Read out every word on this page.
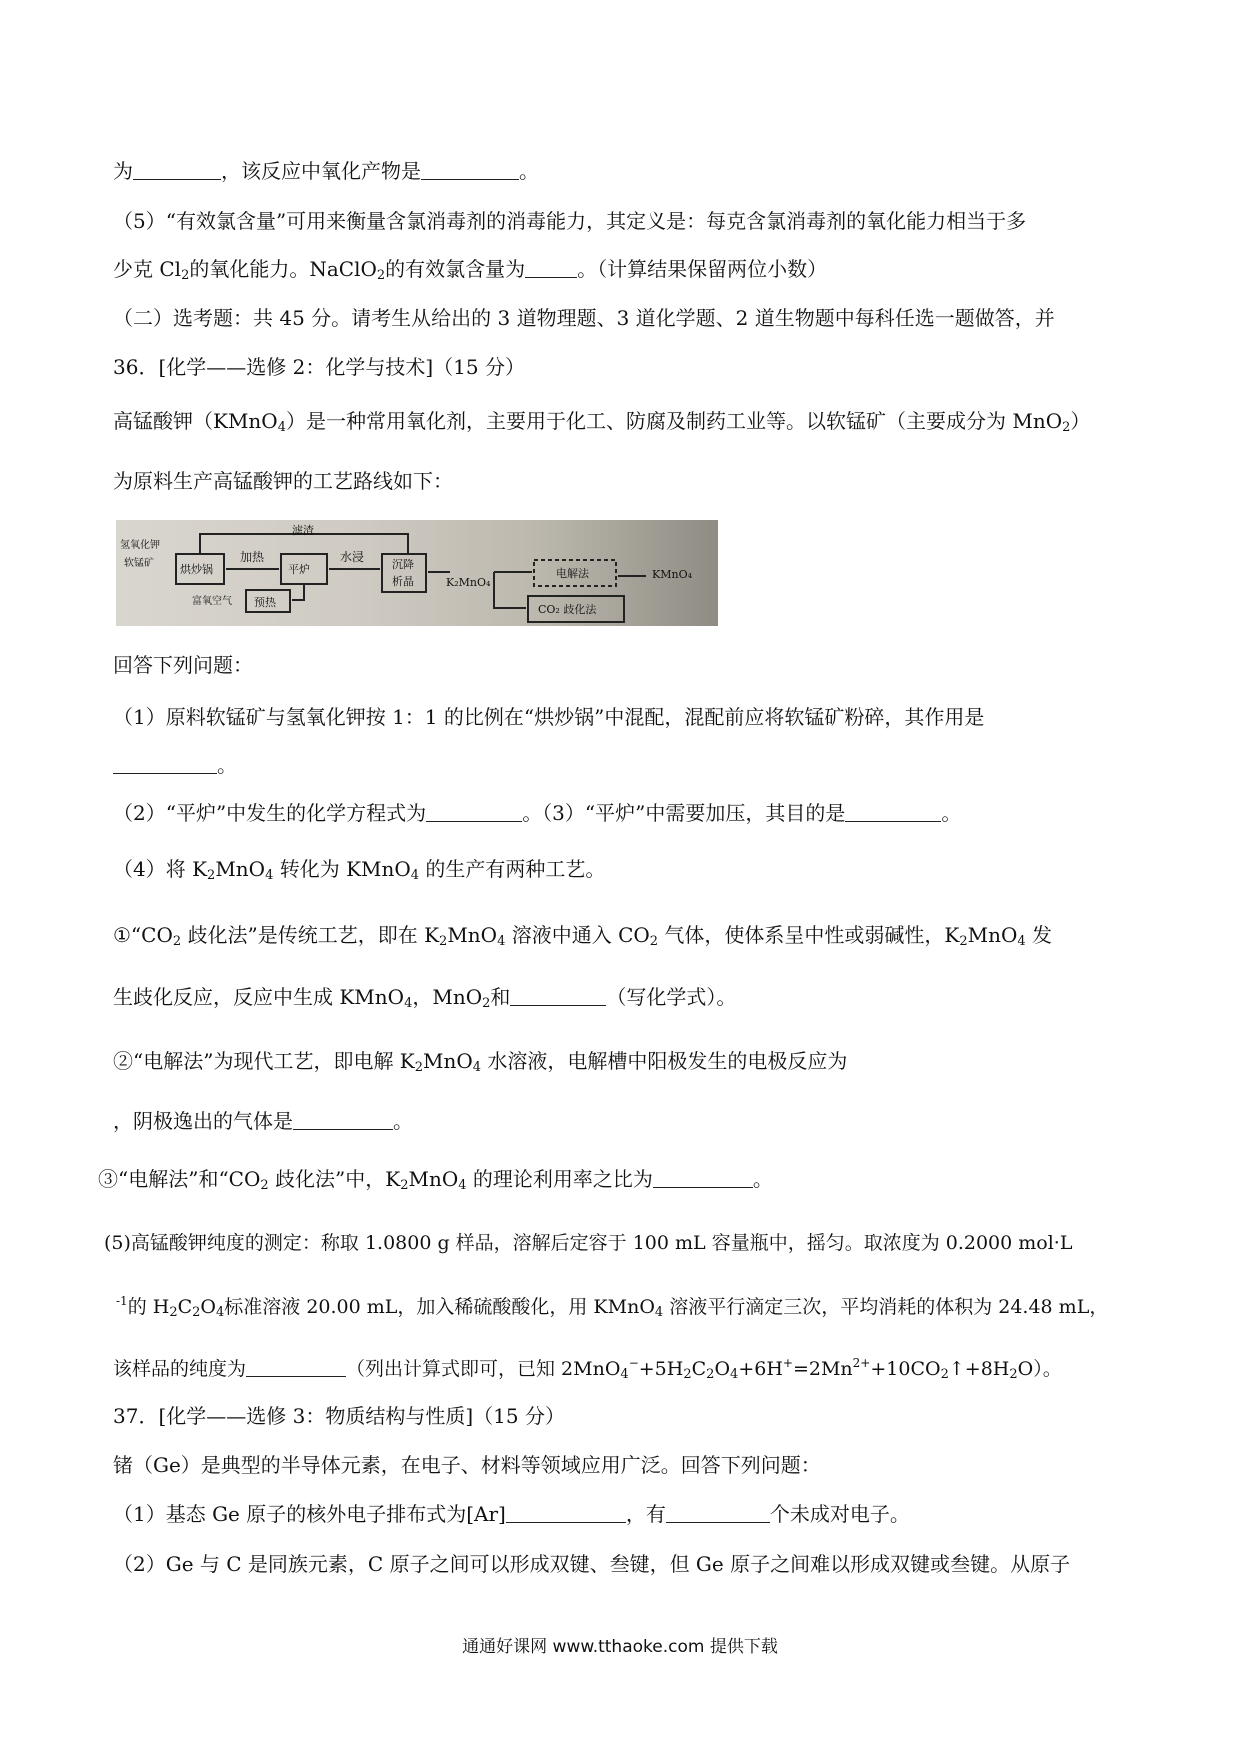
为	，该反应中氧化产物是	。
（5）“有效氯含量”可用来衡量含氯消毒剂的消毒能力，其定义是：每克含氯消毒剂的氧化能力相当于多
少克 $Cl_2$的氧化能力。NaClO$_2$的有效氯含量为	。（计算结果保留两位小数）
（二）选考题：共 45 分。请考生从给出的 3 道物理题、3 道化学题、2 道生物题中每科任选一题做答，并
36．[化学——选修 2：化学与技术]（15 分）
高锰酸钾（KMnO$_4$）是一种常用氧化剂，主要用于化工、防腐及制药工业等。以软锰矿（主要成分为 MnO$_2$）
为原料生产高锰酸钾的工艺路线如下：
氢氧化钾
软锰矿 烘炒锅
加热
平炉
水浸
沉降
析晶
滤渣
K₂MnO₄
富氧空气 预热
电解法
CO₂ 歧化法
KMnO₄
回答下列问题：
（1）原料软锰矿与氢氧化钾按 1：1 的比例在“烘炒锅”中混配，混配前应将软锰矿粉碎，其作用是
。
（2）“平炉”中发生的化学方程式为	。（3）“平炉”中需要加压，其目的是	。
（4）将 $K_2MnO_4$ 转化为 KMnO$_4$ 的生产有两种工艺。
$①“CO_2$ 歧化法”是传统工艺，即在 $K_2MnO_4$ 溶液中通入 $CO_2$ 气体，使体系呈中性或弱碱性，$K_2MnO_4$ 发
生歧化反应，反应中生成 KMnO$_4$，MnO$_2$和	（写化学式）。
②“电解法”为现代工艺，即电解 $K_2MnO_4$ 水溶液，电解槽中阳极发生的电极反应为
，阴极逸出的气体是	。
③“电解法”和“$CO_2$ 歧化法”中，$K_2MnO_4$ 的理论利用率之比为	。
(5)高锰酸钾纯度的测定：称取 1.0800 g 样品，溶解后定容于 100 mL 容量瓶中，摇匀。取浓度为 0.2000 mol·L
$^{-1}$的 $H_2C_2O_4$标准溶液 20.00 mL，加入稀硫酸酸化，用 KMnO$_4$ 溶液平行滴定三次，平均消耗的体积为 24.48 mL，
该样品的纯度为	（列出计算式即可，已知 $2MnO_4^-+5H_2C_2O_4+6H^+=2Mn^{2+}+10CO_2↑+8H_2O$）。
37．[化学——选修 3：物质结构与性质]（15 分）
锗（Ge）是典型的半导体元素，在电子、材料等领域应用广泛。回答下列问题：
（1）基态 Ge 原子的核外电子排布式为[Ar]	，有	个未成对电子。
（2）Ge 与 C 是同族元素，C 原子之间可以形成双键、叁键，但 Ge 原子之间难以形成双键或叁键。从原子
通通好课网 www.tthaoke.com 提供下载
